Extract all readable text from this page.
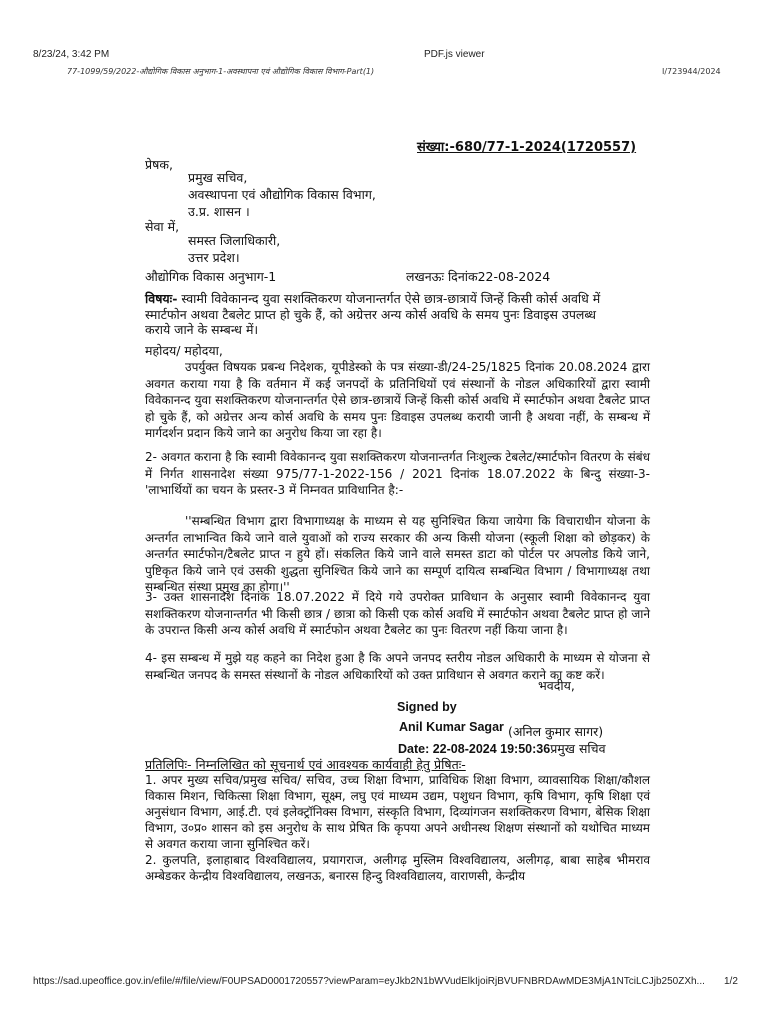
8/23/24, 3:42 PM	PDF.js viewer
77-1099/59/2022-औद्योगिक विकास अनुभाग-1-अवस्थापना एवं औद्योगिक विकास विभाग-Part(1)	I/723944/2024
संख्या:-680/77-1-2024(1720557)
प्रेषक,
प्रमुख सचिव,
अवस्थापना एवं औद्योगिक विकास विभाग,
उ.प्र. शासन ।
सेवा में,
समस्त जिलाधिकारी,
उत्तर प्रदेश।
औद्योगिक विकास अनुभाग-1	लखनऊः दिनांक22-08-2024
विषयः- स्वामी विवेकानन्द युवा सशक्तिकरण योजनान्तर्गत ऐसे छात्र-छात्रायें जिन्हें किसी कोर्स अवधि में
स्मार्टफोन अथवा टैबलेट प्राप्त हो चुके हैं, को अग्रेत्तर अन्य कोर्स अवधि के समय पुनः डिवाइस उपलब्ध
कराये जाने के सम्बन्ध में।
महोदय/ महोदया,
उपर्युक्त विषयक प्रबन्ध निदेशक, यूपीडेस्को के पत्र संख्या-डी/24-25/1825 दिनांक 20.08.2024 द्वारा अवगत कराया गया है कि वर्तमान में कई जनपदों के प्रतिनिधियों एवं संस्थानों के नोडल अधिकारियों द्वारा स्वामी विवेकानन्द युवा सशक्तिकरण योजनान्तर्गत ऐसे छात्र-छात्रायें जिन्हें किसी कोर्स अवधि में स्मार्टफोन अथवा टैबलेट प्राप्त हो चुके हैं, को अग्रेत्तर अन्य कोर्स अवधि के समय पुनः डिवाइस उपलब्ध करायी जानी है अथवा नहीं, के सम्बन्ध में मार्गदर्शन प्रदान किये जाने का अनुरोध किया जा रहा है।
2- अवगत कराना है कि स्वामी विवेकानन्द युवा सशक्तिकरण योजनान्तर्गत निःशुल्क टेबलेट/स्मार्टफोन वितरण के संबंध में निर्गत शासनादेश संख्या 975/77-1-2022-156 / 2021 दिनांक 18.07.2022 के बिन्दु संख्या-3-'लाभार्थियों का चयन के प्रस्तर-3 में निम्नवत प्राविधानित है:-
''सम्बन्धित विभाग द्वारा विभागाध्यक्ष के माध्यम से यह सुनिश्चित किया जायेगा कि विचाराधीन योजना के अन्तर्गत लाभान्वित किये जाने वाले युवाओं को राज्य सरकार की अन्य किसी योजना (स्कूली शिक्षा को छोड़कर) के अन्तर्गत स्मार्टफोन/टैबलेट प्राप्त न हुये हों। संकलित किये जाने वाले समस्त डाटा को पोर्टल पर अपलोड किये जाने, पुष्टिकृत किये जाने एवं उसकी शुद्धता सुनिश्चित किये जाने का सम्पूर्ण दायित्व सम्बन्धित विभाग / विभागाध्यक्ष तथा सम्बन्धित संस्था प्रमुख का होगा।''
3- उक्त शासनादेश दिनांक 18.07.2022 में दिये गये उपरोक्त प्राविधान के अनुसार स्वामी विवेकानन्द युवा सशक्तिकरण योजनान्तर्गत भी किसी छात्र / छात्रा को किसी एक कोर्स अवधि में स्मार्टफोन अथवा टैबलेट प्राप्त हो जाने के उपरान्त किसी अन्य कोर्स अवधि में स्मार्टफोन अथवा टैबलेट का पुनः वितरण नहीं किया जाना है।
4- इस सम्बन्ध में मुझे यह कहने का निदेश हुआ है कि अपने जनपद स्तरीय नोडल अधिकारी के माध्यम से योजना से सम्बन्धित जनपद के समस्त संस्थानों के नोडल अधिकारियों को उक्त प्राविधान से अवगत कराने का कष्ट करें।
भवदीय,
Signed by
Anil Kumar Sagar (अनिल कुमार सागर)
Date: 22-08-2024 19:50:36प्रमुख सचिव
प्रतिलिपिः- निम्नलिखित को सूचनार्थ एवं आवश्यक कार्यवाही हेतु प्रेषितः-
1. अपर मुख्य सचिव/प्रमुख सचिव/ सचिव, उच्च शिक्षा विभाग, प्राविधिक शिक्षा विभाग, व्यावसायिक शिक्षा/कौशल विकास मिशन, चिकित्सा शिक्षा विभाग, सूक्ष्म, लघु एवं माध्यम उद्यम, पशुधन विभाग, कृषि विभाग, कृषि शिक्षा एवं अनुसंधान विभाग, आई.टी. एवं इलेक्ट्रॉनिक्स विभाग, संस्कृति विभाग, दिव्यांगजन सशक्तिकरण विभाग, बेसिक शिक्षा विभाग, उ०प्र० शासन को इस अनुरोध के साथ प्रेषित कि कृपया अपने अधीनस्थ शिक्षण संस्थानों को यथोचित माध्यम से अवगत कराया जाना सुनिश्चित करें।
2. कुलपति, इलाहाबाद विश्वविद्यालय, प्रयागराज, अलीगढ़ मुस्लिम विश्वविद्यालय, अलीगढ़, बाबा साहेब भीमराव अम्बेडकर केन्द्रीय विश्वविद्यालय, लखनऊ, बनारस हिन्दु विश्वविद्यालय, वाराणसी, केन्द्रीय
https://sad.upeoffice.gov.in/efile/#/file/view/F0UPSAD0001720557?viewParam=eyJkb2N1bWVudElkIjoiRjBVUFNBRDAwMDE3MjA1NTciLCJjb250ZXh...	1/2
